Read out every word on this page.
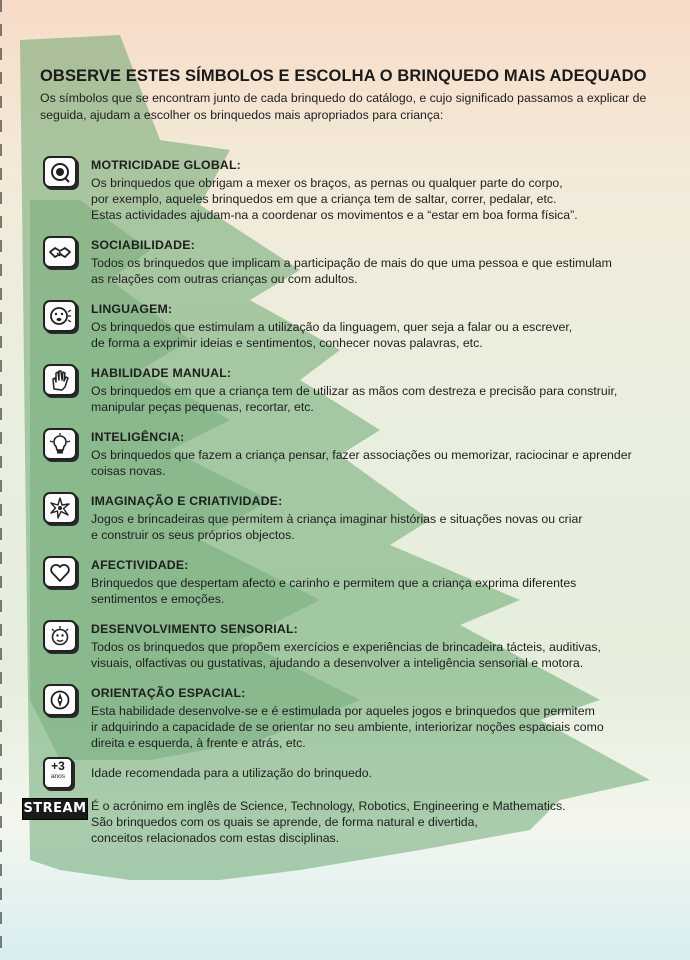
OBSERVE ESTES SÍMBOLOS E ESCOLHA O BRINQUEDO MAIS ADEQUADO
Os símbolos que se encontram junto de cada brinquedo do catálogo, e cujo significado passamos a explicar de seguida, ajudam a escolher os brinquedos mais apropriados para criança:
MOTRICIDADE GLOBAL:
Os brinquedos que obrigam a mexer os braços, as pernas ou qualquer parte do corpo,
por exemplo, aqueles brinquedos em que a criança tem de saltar, correr, pedalar, etc.
Estas actividades ajudam-na a coordenar os movimentos e a “estar em boa forma física”.
SOCIABILIDADE:
Todos os brinquedos que implicam a participação de mais do que uma pessoa e que estimulam
as relações com outras crianças ou com adultos.
LINGUAGEM:
Os brinquedos que estimulam a utilização da linguagem, quer seja a falar ou a escrever,
de forma a exprimir ideias e sentimentos, conhecer novas palavras, etc.
HABILIDADE MANUAL:
Os brinquedos em que a criança tem de utilizar as mãos com destreza e precisão para construir,
manipular peças pequenas, recortar, etc.
INTELIGÊNCIA:
Os brinquedos que fazem a criança pensar, fazer associações ou memorizar, raciocinar e aprender
coisas novas.
IMAGINAÇÃO E CRIATIVIDADE:
Jogos e brincadeiras que permitem à criança imaginar histórias e situações novas ou criar
e construir os seus próprios objectos.
AFECTIVIDADE:
Brinquedos que despertam afecto e carinho e permitem que a criança exprima diferentes
sentimentos e emoções.
DESENVOLVIMENTO SENSORIAL:
Todos os brinquedos que propõem exercícios e experiências de brincadeira tácteis, auditivas,
visuais, olfactivas ou gustativas, ajudando a desenvolver a inteligência sensorial e motora.
ORIENTAÇÃO ESPACIAL:
Esta habilidade desenvolve-se e é estimulada por aqueles jogos e brinquedos que permitem
ir adquirindo a capacidade de se orientar no seu ambiente, interiorizar noções espaciais como
direita e esquerda, à frente e atrás, etc.
+3
anos	Idade recomendada para a utilização do brinquedo.
STREAM É o acrónimo em inglês de Science, Technology, Robotics, Engineering e Mathematics.
São brinquedos com os quais se aprende, de forma natural e divertida,
conceitos relacionados com estas disciplinas.
